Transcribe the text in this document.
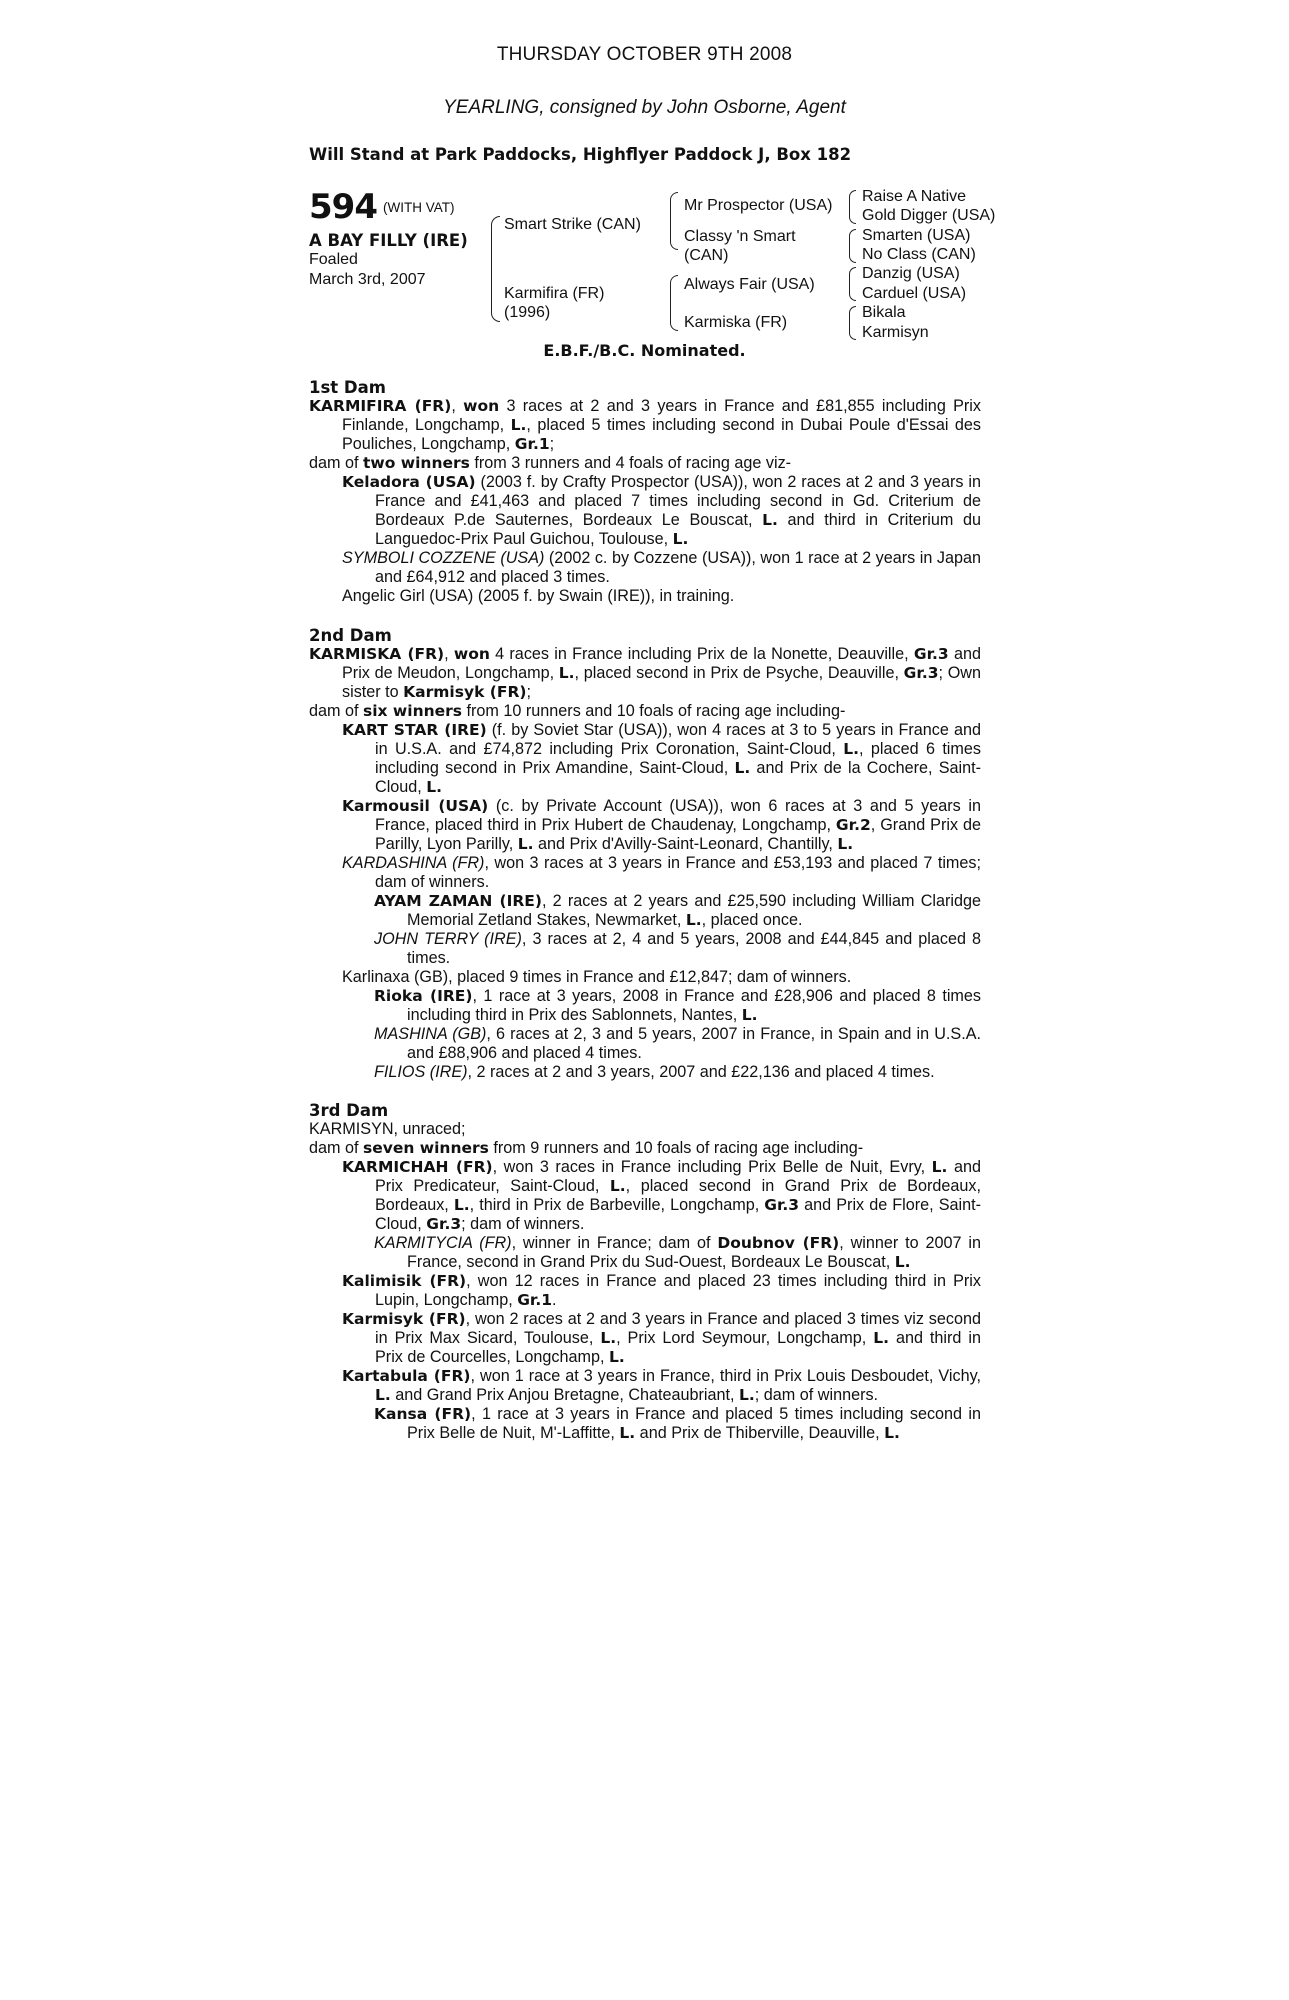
THURSDAY OCTOBER 9TH 2008
YEARLING, consigned by John Osborne, Agent
Will Stand at Park Paddocks, Highflyer Paddock J, Box 182
594 $^{(WITH VAT)}$
A BAY FILLY (IRE)
Foaled
March 3rd, 2007
Smart Strike (CAN)
Karmifira (FR)
(1996)
Mr Prospector (USA)
Classy 'n Smart
(CAN)
Always Fair (USA)
Karmiska (FR)
Raise A Native
Gold Digger (USA)
Smarten (USA)
No Class (CAN)
Danzig (USA)
Carduel (USA)
Bikala
Karmisyn
E.B.F./B.C. Nominated.
1st Dam
KARMIFIRA (FR), won 3 races at 2 and 3 years in France and £81,855 including Prix Finlande, Longchamp, L., placed 5 times including second in Dubai Poule d'Essai des Pouliches, Longchamp, Gr.1;
dam of two winners from 3 runners and 4 foals of racing age viz-
Keladora (USA) (2003 f. by Crafty Prospector (USA)), won 2 races at 2 and 3 years in France and £41,463 and placed 7 times including second in Gd. Criterium de Bordeaux P.de Sauternes, Bordeaux Le Bouscat, L. and third in Criterium du Languedoc-Prix Paul Guichou, Toulouse, L.
SYMBOLI COZZENE (USA) (2002 c. by Cozzene (USA)), won 1 race at 2 years in Japan and £64,912 and placed 3 times.
Angelic Girl (USA) (2005 f. by Swain (IRE)), in training.
2nd Dam
KARMISKA (FR), won 4 races in France including Prix de la Nonette, Deauville, Gr.3 and Prix de Meudon, Longchamp, L., placed second in Prix de Psyche, Deauville, Gr.3; Own sister to Karmisyk (FR);
dam of six winners from 10 runners and 10 foals of racing age including-
KART STAR (IRE) (f. by Soviet Star (USA)), won 4 races at 3 to 5 years in France and in U.S.A. and £74,872 including Prix Coronation, Saint-Cloud, L., placed 6 times including second in Prix Amandine, Saint-Cloud, L. and Prix de la Cochere, Saint-Cloud, L.
Karmousil (USA) (c. by Private Account (USA)), won 6 races at 3 and 5 years in France, placed third in Prix Hubert de Chaudenay, Longchamp, Gr.2, Grand Prix de Parilly, Lyon Parilly, L. and Prix d'Avilly-Saint-Leonard, Chantilly, L.
KARDASHINA (FR), won 3 races at 3 years in France and £53,193 and placed 7 times; dam of winners.
AYAM ZAMAN (IRE), 2 races at 2 years and £25,590 including William Claridge Memorial Zetland Stakes, Newmarket, L., placed once.
JOHN TERRY (IRE), 3 races at 2, 4 and 5 years, 2008 and £44,845 and placed 8 times.
Karlinaxa (GB), placed 9 times in France and £12,847; dam of winners.
Rioka (IRE), 1 race at 3 years, 2008 in France and £28,906 and placed 8 times including third in Prix des Sablonnets, Nantes, L.
MASHINA (GB), 6 races at 2, 3 and 5 years, 2007 in France, in Spain and in U.S.A. and £88,906 and placed 4 times.
FILIOS (IRE), 2 races at 2 and 3 years, 2007 and £22,136 and placed 4 times.
3rd Dam
KARMISYN, unraced;
dam of seven winners from 9 runners and 10 foals of racing age including-
KARMICHAH (FR), won 3 races in France including Prix Belle de Nuit, Evry, L. and Prix Predicateur, Saint-Cloud, L., placed second in Grand Prix de Bordeaux, Bordeaux, L., third in Prix de Barbeville, Longchamp, Gr.3 and Prix de Flore, Saint-Cloud, Gr.3; dam of winners.
KARMITYCIA (FR), winner in France; dam of Doubnov (FR), winner to 2007 in France, second in Grand Prix du Sud-Ouest, Bordeaux Le Bouscat, L.
Kalimisik (FR), won 12 races in France and placed 23 times including third in Prix Lupin, Longchamp, Gr.1.
Karmisyk (FR), won 2 races at 2 and 3 years in France and placed 3 times viz second in Prix Max Sicard, Toulouse, L., Prix Lord Seymour, Longchamp, L. and third in Prix de Courcelles, Longchamp, L.
Kartabula (FR), won 1 race at 3 years in France, third in Prix Louis Desboudet, Vichy, L. and Grand Prix Anjou Bretagne, Chateaubriant, L.; dam of winners.
Kansa (FR), 1 race at 3 years in France and placed 5 times including second in Prix Belle de Nuit, M'-Laffitte, L. and Prix de Thiberville, Deauville, L.
